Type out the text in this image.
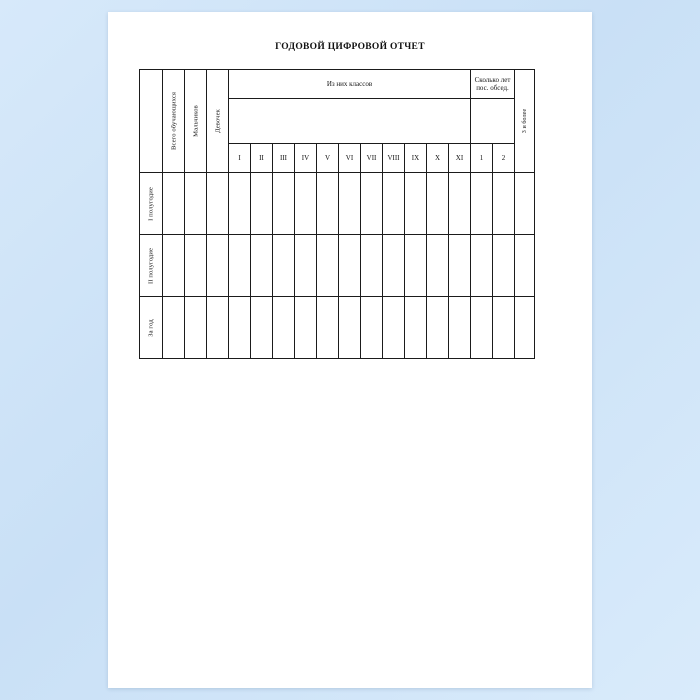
ГОДОВОЙ ЦИФРОВОЙ ОТЧЕТ

	Всего обучающихся	Мальчиков	Девочек	Из них классов											Сколько лет пос. обсед.		3 и более

				I	II	III	IV	V	VI	VII	VIII	IX	X	XI	1	2	

I полугодие																	

II полугодие																	

За год																	
